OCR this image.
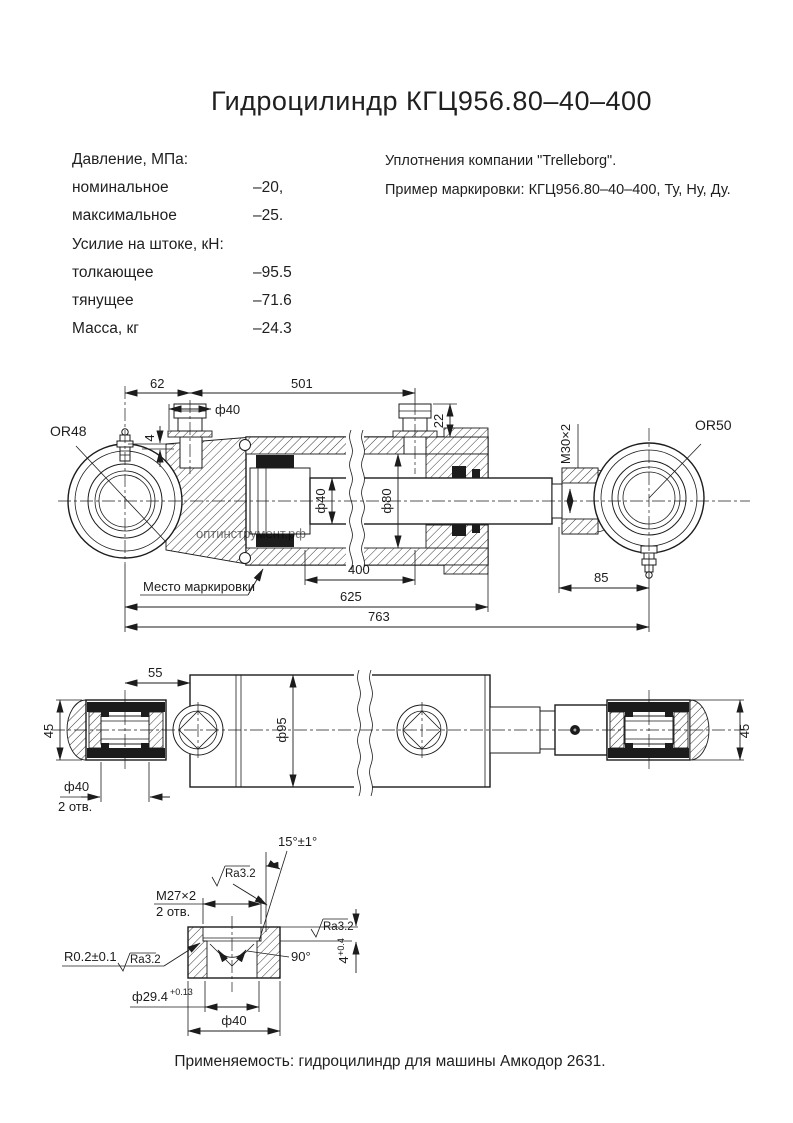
Гидроцилиндр КГЦ956.80–40–400
Давление, МПа:
номинальное	–20,
максимальное	–25.
Усилие на штоке, кН:
толкающее	–95.5
тянущее	–71.6
Масса, кг	–24.3
Уплотнения компании "Trelleborg".
Пример маркировки: КГЦ956.80–40–400, Ту, Ну, Ду.
62	501
ф40
4
22
ф40	ф80
400
625
763
85
M30×2
Место маркировки
OR48	OR50
ф95
45
55
45
ф40
2 отв.
90°
15°±1°
Ra3.2
Ra3.2
4
+0.4
M27×2
2 отв.
R0.2±0.1 Ra3.2
ф29.4 +0.13
ф40
оптинструмент.рф
Применяемость: гидроцилиндр для машины Амкодор 2631.
